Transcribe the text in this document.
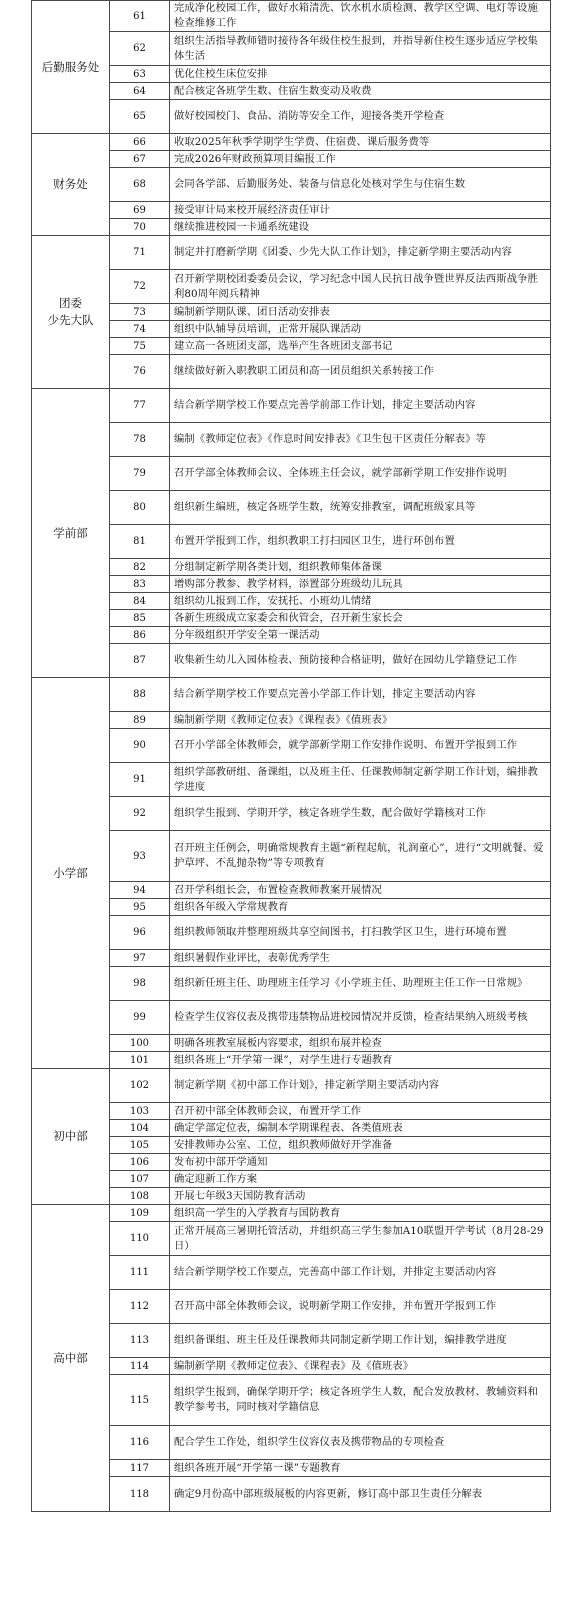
后勤服务处	61	完成净化校园工作，做好水箱清洗、饮水机水质检测、教学区空调、电灯等设施检查维修工作
	62	组织生活指导教师错时接待各年级住校生报到，并指导新住校生逐步适应学校集体生活
	63	优化住校生床位安排
	64	配合核定各班学生数、住宿生数变动及收费
	65	做好校园校门、食品、消防等安全工作，迎接各类开学检查

财务处	66	收取2025年秋季学期学生学费、住宿费、课后服务费等
	67	完成2026年财政预算项目编报工作
	68	会同各学部、后勤服务处、装备与信息化处核对学生与住宿生数
	69	接受审计局来校开展经济责任审计
	70	继续推进校园一卡通系统建设

团委
少先大队	71	制定并打磨新学期《团委、少先大队工作计划》，排定新学期主要活动内容
	72	召开新学期校团委委员会议，学习纪念中国人民抗日战争暨世界反法西斯战争胜利80周年阅兵精神
	73	编制新学期队课、团日活动安排表
	74	组织中队辅导员培训，正常开展队课活动
	75	建立高一各班团支部，选举产生各班团支部书记
	76	继续做好新入职教职工团员和高一团员组织关系转接工作

学前部	77	结合新学期学校工作要点完善学前部工作计划，排定主要活动内容
	78	编制《教师定位表》《作息时间安排表》《卫生包干区责任分解表》等
	79	召开学部全体教师会议、全体班主任会议，就学部新学期工作安排作说明
	80	组织新生编班，核定各班学生数，统筹安排教室，调配班级家具等
	81	布置开学报到工作，组织教职工打扫园区卫生，进行环创布置
	82	分组制定新学期各类计划，组织教师集体备课
	83	增购部分教参、教学材料，添置部分班级幼儿玩具
	84	组织幼儿报到工作，安抚托、小班幼儿情绪
	85	各新生班级成立家委会和伙管会，召开新生家长会
	86	分年级组织开学安全第一课活动
	87	收集新生幼儿入园体检表、预防接种合格证明，做好在园幼儿学籍登记工作

小学部	88	结合新学期学校工作要点完善小学部工作计划，排定主要活动内容
	89	编制新学期《教师定位表》《课程表》《值班表》
	90	召开小学部全体教师会，就学部新学期工作安排作说明、布置开学报到工作
	91	组织学部教研组、备课组，以及班主任、任课教师制定新学期工作计划，编排教学进度
	92	组织学生报到、学期开学，核定各班学生数，配合做好学籍核对工作
	93	召开班主任例会，明确常规教育主题“新程起航，礼润童心”，进行“文明就餐、爱护草坪、不乱抛杂物”等专项教育
	94	召开学科组长会，布置检查教师教案开展情况
	95	组织各年级入学常规教育
	96	组织教师领取并整理班级共享空间图书，打扫教学区卫生，进行环境布置
	97	组织暑假作业评比，表彰优秀学生
	98	组织新任班主任、助理班主任学习《小学班主任、助理班主任工作一日常规》
	99	检查学生仪容仪表及携带违禁物品进校园情况并反馈，检查结果纳入班级考核
	100	明确各班教室展板内容要求，组织布展并检查
	101	组织各班上“开学第一课”，对学生进行专题教育

初中部	102	制定新学期《初中部工作计划》，排定新学期主要活动内容
	103	召开初中部全体教师会议，布置开学工作
	104	确定学部定位表，编制本学期课程表、各类值班表
	105	安排教师办公室、工位，组织教师做好开学准备
	106	发布初中部开学通知
	107	确定迎新工作方案
	108	开展七年级3天国防教育活动

高中部	109	组织高一学生的入学教育与国防教育
	110	正常开展高三暑期托管活动，并组织高三学生参加A10联盟开学考试（8月28-29日）
	111	结合新学期学校工作要点，完善高中部工作计划，并排定主要活动内容
	112	召开高中部全体教师会议，说明新学期工作安排，并布置开学报到工作
	113	组织备课组、班主任及任课教师共同制定新学期工作计划，编排教学进度
	114	编制新学期《教师定位表》、《课程表》及《值班表》
	115	组织学生报到，确保学期开学；核定各班学生人数，配合发放教材、教辅资料和教学参考书，同时核对学籍信息
	116	配合学生工作处，组织学生仪容仪表及携带物品的专项检查
	117	组织各班开展“开学第一课”专题教育
	118	确定9月份高中部班级展板的内容更新，修订高中部卫生责任分解表
